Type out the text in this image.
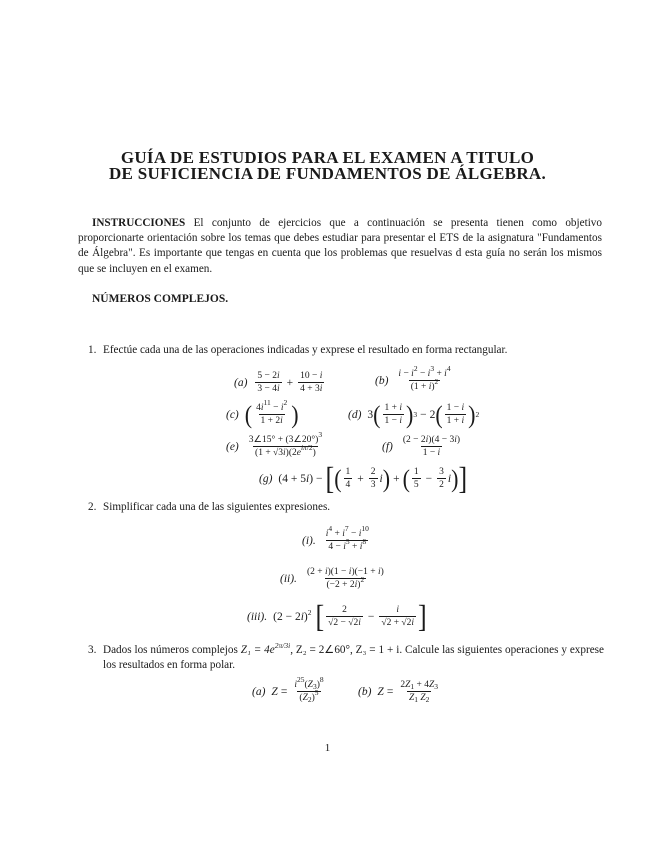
GUÍA DE ESTUDIOS PARA EL EXAMEN A TITULO
DE SUFICIENCIA DE FUNDAMENTOS DE ÁLGEBRA.
INSTRUCCIONES El conjunto de ejercicios que a continuación se presenta tienen como objetivo proporcionarte orientación sobre los temas que debes estudiar para presentar el ETS de la asignatura "Fundamentos de Álgebra". Es importante que tengas en cuenta que los problemas que resuelvas d esta guía no serán los mismos que se incluyen en el examen.
NÚMEROS COMPLEJOS.
1. Efectúe cada una de las operaciones indicadas y exprese el resultado en forma rectangular.
$(a) \frac{5 - 2i}{3 - 4i} + \frac{10 - i}{4 + 3i}$	$(b) \frac{i - i^2 - i^3 + i^4}{(1 + i)^2}$
(c) ( $\frac{4i^{11} - i^2}{1 + 2i}$ )	(d) 3 ( $\frac{1 + i}{1 - i}$ ) 3 − 2 ( $\frac{1 - i}{1 + i}$ ) 2
$(e) \frac{3\angle 15^\circ + (3\angle 20^\circ)^3}{(1 + √3i)(2e^{i\pi/2})}$	$(f) \frac{(2 - 2i)(4 - 3i)}{1 - i}$
(g) (4 + 5i) − [ ( $\frac{1}{4} + \frac{2}{3}$ i ) + ( $\frac{1}{5} - \frac{3}{2}$ i ) ]
2. Simplificar cada una de las siguientes expresiones.
(i). $\frac{i^4 + i^7 - i^{10}}{4 - i^5 + i^8}$
(ii). $\frac{(2 + i)(1 - i)(-1 + i)}{(-2 + 2i)^2}$
(iii). $(2 - 2i)^2$ [ $\frac{2}{√2 - √2i} - \frac{i}{√2 + √2i}$ ]
3. Dados los números complejos $Z_1 = 4e^{2\pi/3i}$, Z₂ = 2∠60°, Z₃ = 1 + i. Calcule las siguientes operaciones y exprese los resultados en forma polar.
(a) $Z = \frac{i^{25}(Z_3)^8}{(Z_2)^5}$	(b) $Z = \frac{2Z_1 + 4Z_3}{Z_1 Z_2}$
1
